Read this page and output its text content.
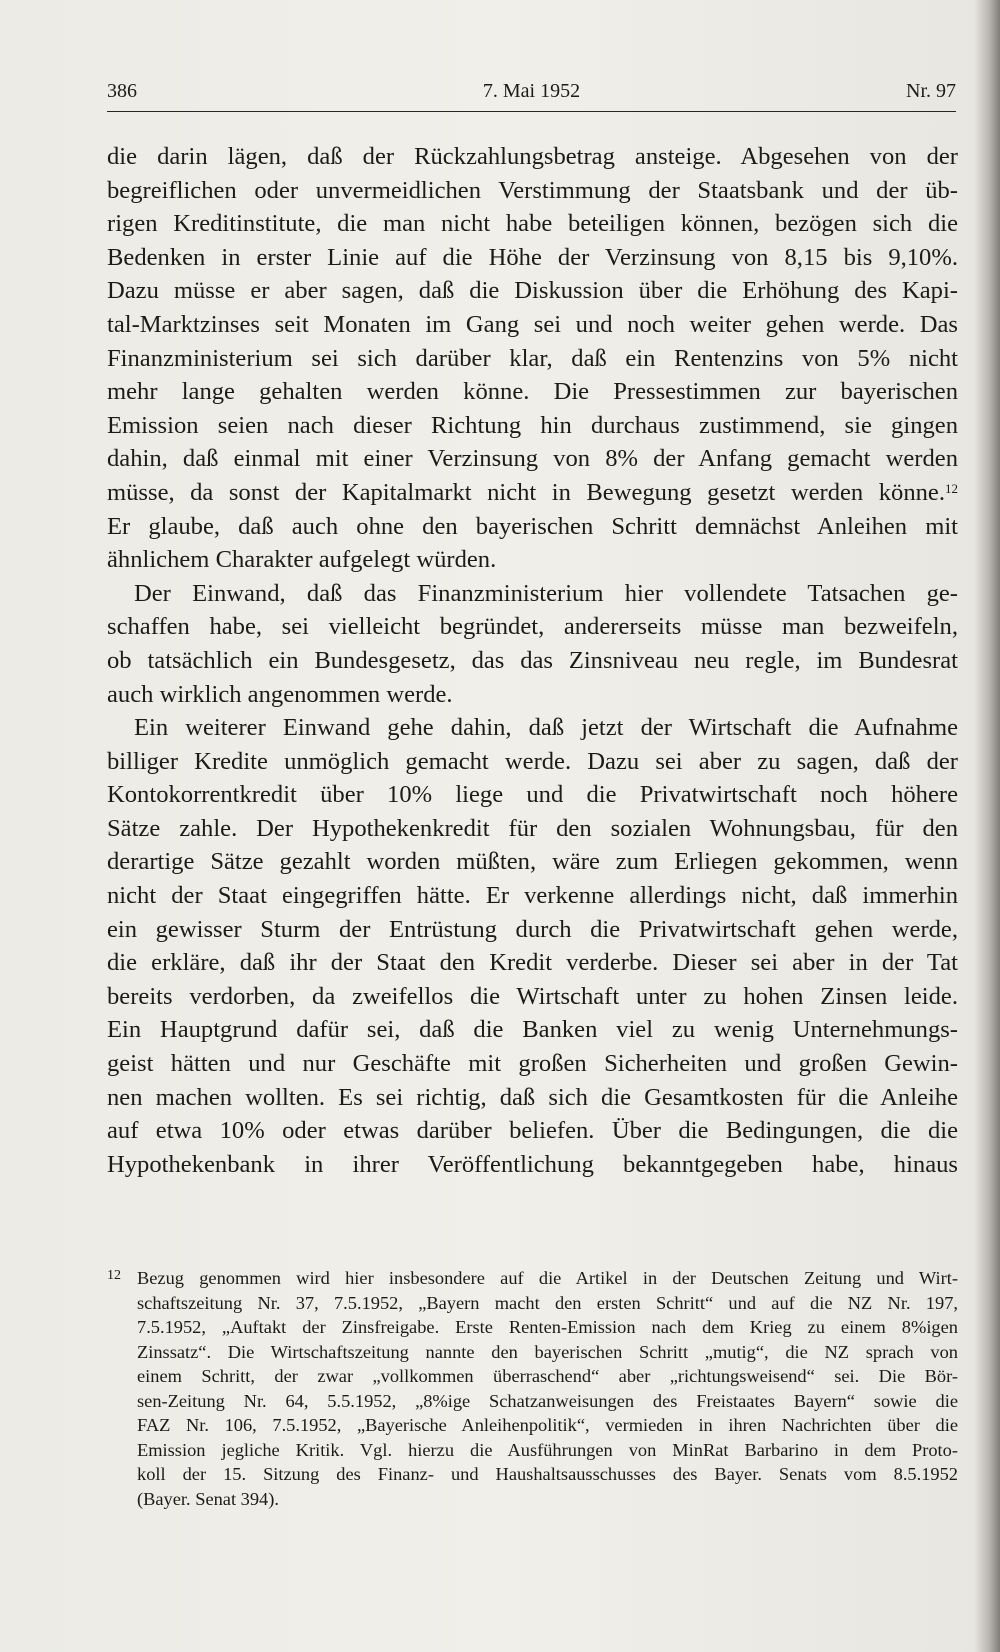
386	7. Mai 1952	Nr. 97
die darin lägen, daß der Rückzahlungsbetrag ansteige. Abgesehen von der
begreiflichen oder unvermeidlichen Verstimmung der Staatsbank und der üb-
rigen Kreditinstitute, die man nicht habe beteiligen können, bezögen sich die
Bedenken in erster Linie auf die Höhe der Verzinsung von 8,15 bis 9,10%.
Dazu müsse er aber sagen, daß die Diskussion über die Erhöhung des Kapi-
tal-Marktzinses seit Monaten im Gang sei und noch weiter gehen werde. Das
Finanzministerium sei sich darüber klar, daß ein Rentenzins von 5% nicht
mehr lange gehalten werden könne. Die Pressestimmen zur bayerischen
Emission seien nach dieser Richtung hin durchaus zustimmend, sie gingen
dahin, daß einmal mit einer Verzinsung von 8% der Anfang gemacht werden
müsse, da sonst der Kapitalmarkt nicht in Bewegung gesetzt werden könne.$^{12}$
Er glaube, daß auch ohne den bayerischen Schritt demnächst Anleihen mit
ähnlichem Charakter aufgelegt würden.
Der Einwand, daß das Finanzministerium hier vollendete Tatsachen ge-
schaffen habe, sei vielleicht begründet, andererseits müsse man bezweifeln,
ob tatsächlich ein Bundesgesetz, das das Zinsniveau neu regle, im Bundesrat
auch wirklich angenommen werde.
Ein weiterer Einwand gehe dahin, daß jetzt der Wirtschaft die Aufnahme
billiger Kredite unmöglich gemacht werde. Dazu sei aber zu sagen, daß der
Kontokorrentkredit über 10% liege und die Privatwirtschaft noch höhere
Sätze zahle. Der Hypothekenkredit für den sozialen Wohnungsbau, für den
derartige Sätze gezahlt worden müßten, wäre zum Erliegen gekommen, wenn
nicht der Staat eingegriffen hätte. Er verkenne allerdings nicht, daß immerhin
ein gewisser Sturm der Entrüstung durch die Privatwirtschaft gehen werde,
die erkläre, daß ihr der Staat den Kredit verderbe. Dieser sei aber in der Tat
bereits verdorben, da zweifellos die Wirtschaft unter zu hohen Zinsen leide.
Ein Hauptgrund dafür sei, daß die Banken viel zu wenig Unternehmungs-
geist hätten und nur Geschäfte mit großen Sicherheiten und großen Gewin-
nen machen wollten. Es sei richtig, daß sich die Gesamtkosten für die Anleihe
auf etwa 10% oder etwas darüber beliefen. Über die Bedingungen, die die
Hypothekenbank in ihrer Veröffentlichung bekanntgegeben habe, hinaus
12 Bezug genommen wird hier insbesondere auf die Artikel in der Deutschen Zeitung und Wirt-
schaftszeitung Nr. 37, 7.5.1952, „Bayern macht den ersten Schritt“ und auf die NZ Nr. 197,
7.5.1952, „Auftakt der Zinsfreigabe. Erste Renten-Emission nach dem Krieg zu einem 8%igen
Zinssatz“. Die Wirtschaftszeitung nannte den bayerischen Schritt „mutig“, die NZ sprach von
einem Schritt, der zwar „vollkommen überraschend“ aber „richtungsweisend“ sei. Die Bör-
sen-Zeitung Nr. 64, 5.5.1952, „8%ige Schatzanweisungen des Freistaates Bayern“ sowie die
FAZ Nr. 106, 7.5.1952, „Bayerische Anleihenpolitik“, vermieden in ihren Nachrichten über die
Emission jegliche Kritik. Vgl. hierzu die Ausführungen von MinRat Barbarino in dem Proto-
koll der 15. Sitzung des Finanz- und Haushaltsausschusses des Bayer. Senats vom 8.5.1952
(Bayer. Senat 394).
